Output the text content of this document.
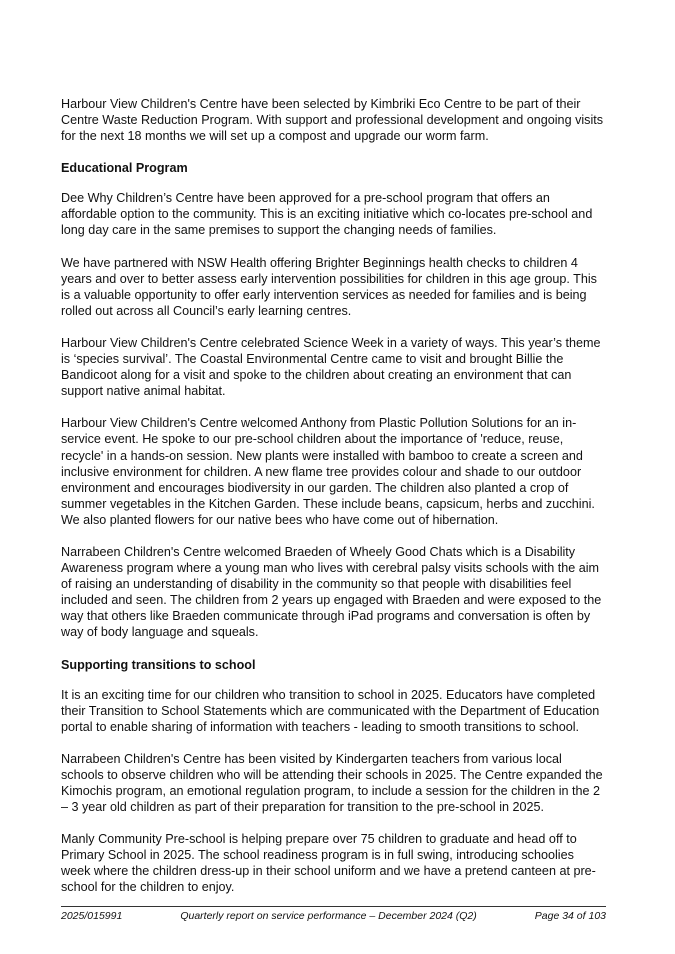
Harbour View Children's Centre have been selected by Kimbriki Eco Centre to be part of their Centre Waste Reduction Program. With support and professional development and ongoing visits for the next 18 months we will set up a compost and upgrade our worm farm.

Educational Program

Dee Why Children’s Centre have been approved for a pre-school program that offers an affordable option to the community. This is an exciting initiative which co-locates pre-school and long day care in the same premises to support the changing needs of families.

We have partnered with NSW Health offering Brighter Beginnings health checks to children 4 years and over to better assess early intervention possibilities for children in this age group. This is a valuable opportunity to offer early intervention services as needed for families and is being rolled out across all Council’s early learning centres.

Harbour View Children's Centre celebrated Science Week in a variety of ways. This year’s theme is ‘species survival’. The Coastal Environmental Centre came to visit and brought Billie the Bandicoot along for a visit and spoke to the children about creating an environment that can support native animal habitat.

Harbour View Children's Centre welcomed Anthony from Plastic Pollution Solutions for an in-service event. He spoke to our pre-school children about the importance of 'reduce, reuse, recycle' in a hands-on session. New plants were installed with bamboo to create a screen and inclusive environment for children. A new flame tree provides colour and shade to our outdoor environment and encourages biodiversity in our garden. The children also planted a crop of summer vegetables in the Kitchen Garden. These include beans, capsicum, herbs and zucchini. We also planted flowers for our native bees who have come out of hibernation.

Narrabeen Children's Centre welcomed Braeden of Wheely Good Chats which is a Disability Awareness program where a young man who lives with cerebral palsy visits schools with the aim of raising an understanding of disability in the community so that people with disabilities feel included and seen. The children from 2 years up engaged with Braeden and were exposed to the way that others like Braeden communicate through iPad programs and conversation is often by way of body language and squeals.

Supporting transitions to school

It is an exciting time for our children who transition to school in 2025. Educators have completed their Transition to School Statements which are communicated with the Department of Education portal to enable sharing of information with teachers - leading to smooth transitions to school.

Narrabeen Children's Centre has been visited by Kindergarten teachers from various local schools to observe children who will be attending their schools in 2025. The Centre expanded the Kimochis program, an emotional regulation program, to include a session for the children in the 2 – 3 year old children as part of their preparation for transition to the pre-school in 2025.

Manly Community Pre-school is helping prepare over 75 children to graduate and head off to Primary School in 2025. The school readiness program is in full swing, introducing schoolies week where the children dress-up in their school uniform and we have a pretend canteen at pre-school for the children to enjoy.

2025/015991	Quarterly report on service performance – December 2024 (Q2)	Page 34 of 103
